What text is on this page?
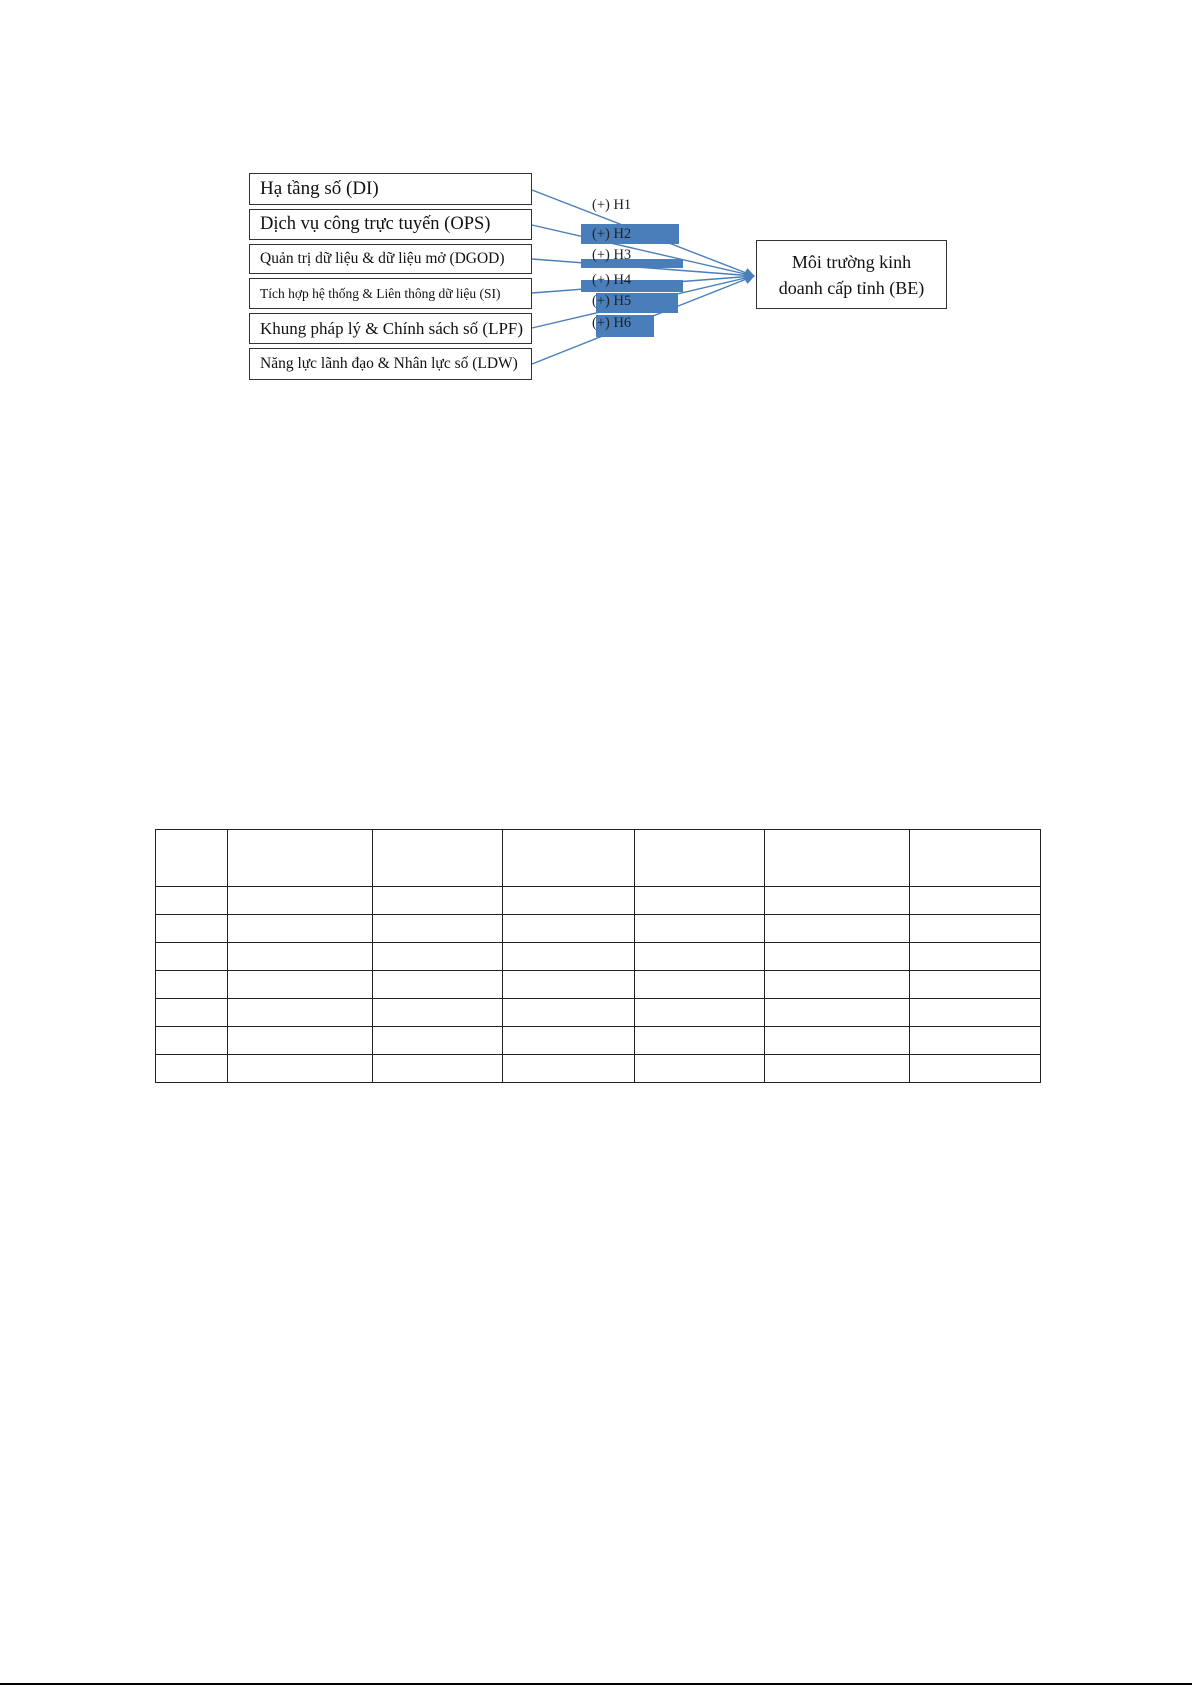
(+) H1
(+) H2
(+) H3
(+) H4
(+) H5
(+) H6
Hạ tầng số (DI)
Dịch vụ công trực tuyến (OPS)
Quản trị dữ liệu & dữ liệu mở (DGOD)
Tích hợp hệ thống & Liên thông dữ liệu (SI)
Khung pháp lý & Chính sách số (LPF)
Năng lực lãnh đạo & Nhân lực số (LDW)
Môi trường kinh
doanh cấp tỉnh (BE)
